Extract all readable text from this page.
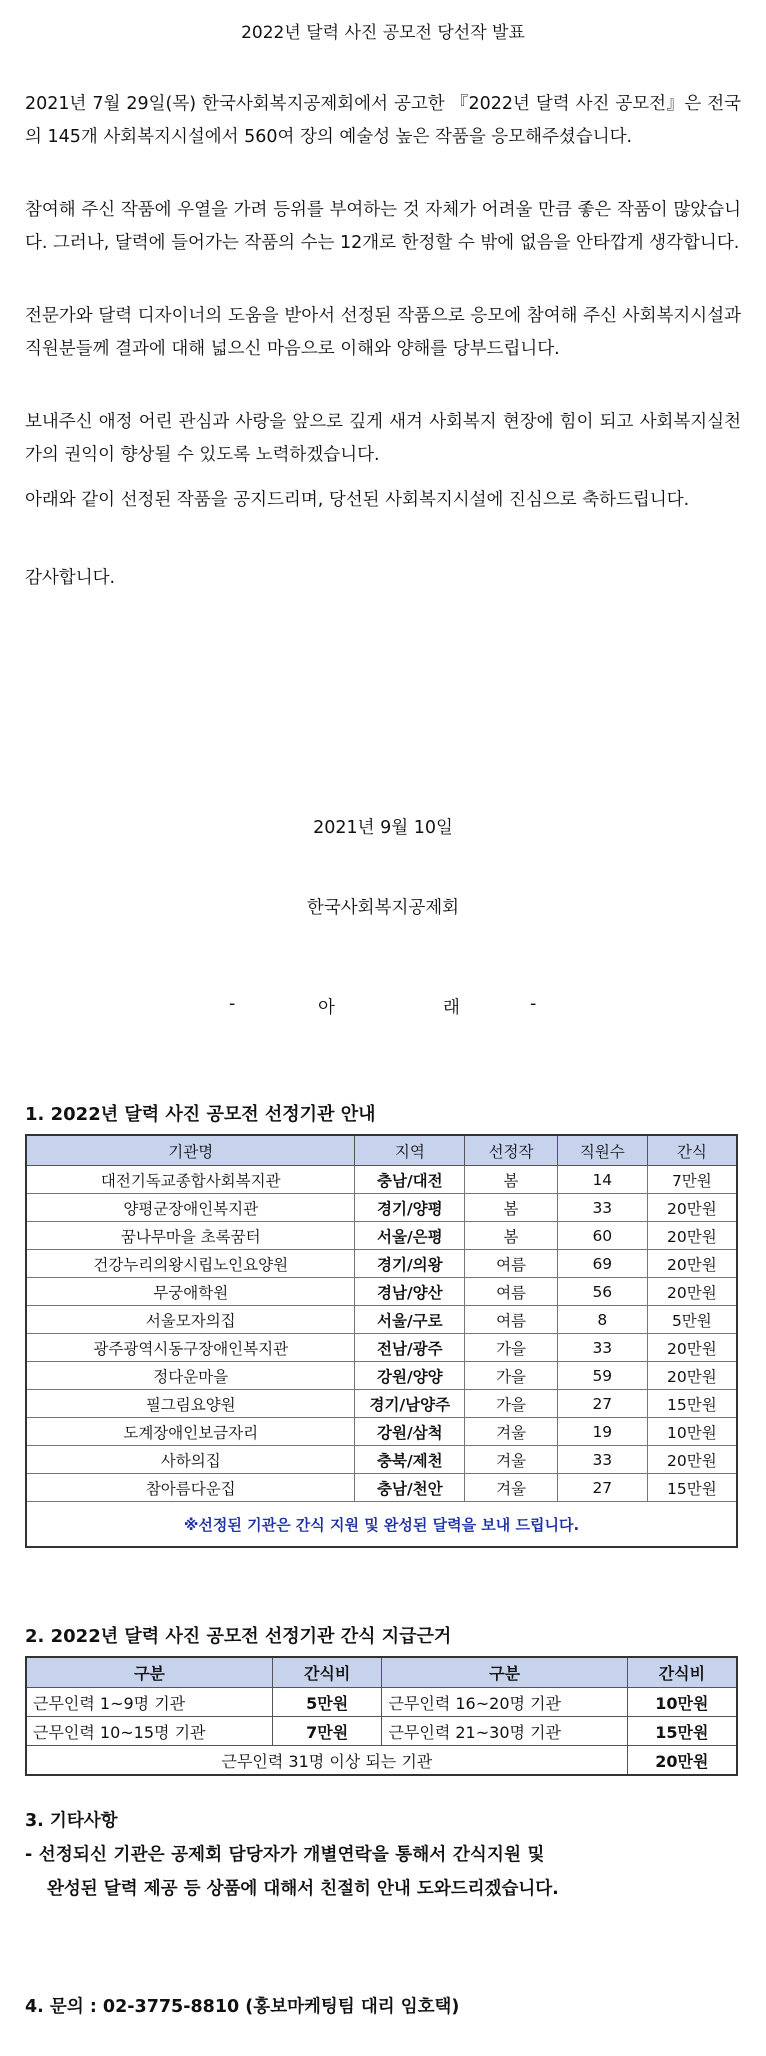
2022년 달력 사진 공모전 당선작 발표
2021년 7월 29일(목) 한국사회복지공제회에서 공고한 『2022년 달력 사진 공모전』은 전국의 145개 사회복지시설에서 560여 장의 예술성 높은 작품을 응모해주셨습니다.
참여해 주신 작품에 우열을 가려 등위를 부여하는 것 자체가 어려울 만큼 좋은 작품이 많았습니다. 그러나, 달력에 들어가는 작품의 수는 12개로 한정할 수 밖에 없음을 안타깝게 생각합니다.
전문가와 달력 디자이너의 도움을 받아서 선정된 작품으로 응모에 참여해 주신 사회복지시설과 직원분들께 결과에 대해 넓으신 마음으로 이해와 양해를 당부드립니다.
보내주신 애정 어린 관심과 사랑을 앞으로 깊게 새겨 사회복지 현장에 힘이 되고 사회복지실천가의 권익이 향상될 수 있도록 노력하겠습니다.
아래와 같이 선정된 작품을 공지드리며, 당선된 사회복지시설에 진심으로 축하드립니다.
감사합니다.
2021년 9월 10일
한국사회복지공제회
-	아	래	-
1. 2022년 달력 사진 공모전 선정기관 안내
기관명	지역	선정작	직원수	간식
대전기독교종합사회복지관	충남/대전	봄	14	7만원
양평군장애인복지관	경기/양평	봄	33	20만원
꿈나무마을 초록꿈터	서울/은평	봄	60	20만원
건강누리의왕시립노인요양원	경기/의왕	여름	69	20만원
무궁애학원	경남/양산	여름	56	20만원
서울모자의집	서울/구로	여름	8	5만원
광주광역시동구장애인복지관	전남/광주	가을	33	20만원
정다운마을	강원/양양	가을	59	20만원
필그림요양원	경기/남양주	가을	27	15만원
도계장애인보금자리	강원/삼척	겨울	19	10만원
사하의집	충북/제천	겨울	33	20만원
참아름다운집	충남/천안	겨울	27	15만원
※선정된 기관은 간식 지원 및 완성된 달력을 보내 드립니다.				
2. 2022년 달력 사진 공모전 선정기관 간식 지급근거
구분	간식비	구분	간식비
근무인력 1~9명 기관	5만원	근무인력 16~20명 기관	10만원
근무인력 10~15명 기관	7만원	근무인력 21~30명 기관	15만원
근무인력 31명 이상 되는 기관			20만원
3. 기타사항
- 선정되신 기관은 공제회 담당자가 개별연락을 통해서 간식지원 및
완성된 달력 제공 등 상품에 대해서 친절히 안내 도와드리겠습니다.
4. 문의 : 02-3775-8810 (홍보마케팅팀 대리 임호택)
